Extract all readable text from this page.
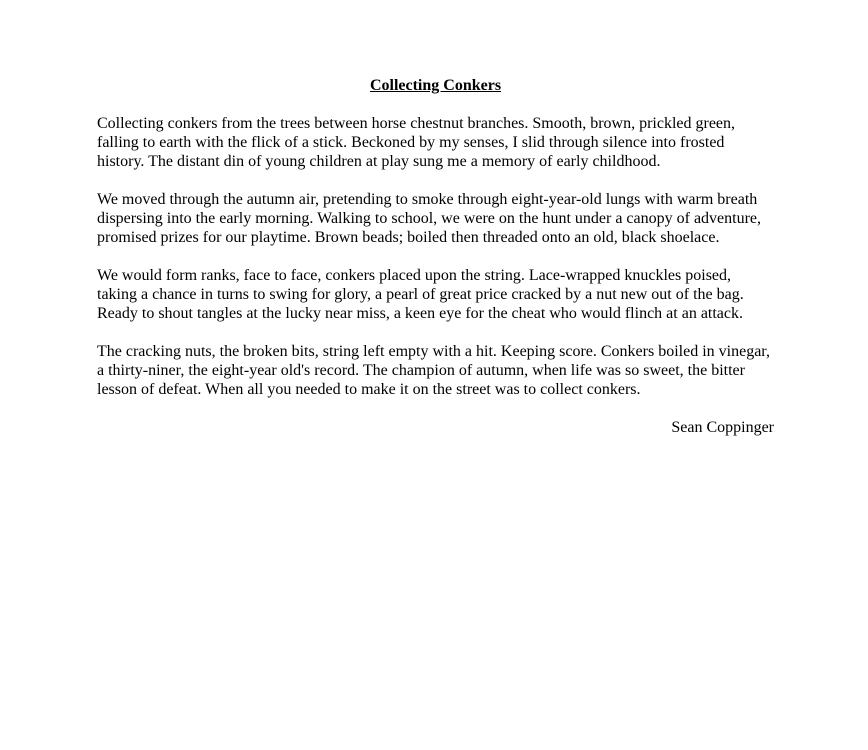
Collecting Conkers

Collecting conkers from the trees between horse chestnut branches. Smooth, brown, prickled green, falling to earth with the flick of a stick. Beckoned by my senses, I slid through silence into frosted history. The distant din of young children at play sung me a memory of early childhood.

We moved through the autumn air, pretending to smoke through eight-year-old lungs with warm breath dispersing into the early morning. Walking to school, we were on the hunt under a canopy of adventure, promised prizes for our playtime. Brown beads; boiled then threaded onto an old, black shoelace.

We would form ranks, face to face, conkers placed upon the string. Lace-wrapped knuckles poised, taking a chance in turns to swing for glory, a pearl of great price cracked by a nut new out of the bag. Ready to shout tangles at the lucky near miss, a keen eye for the cheat who would flinch at an attack.

The cracking nuts, the broken bits, string left empty with a hit. Keeping score. Conkers boiled in vinegar, a thirty-niner, the eight-year old's record. The champion of autumn, when life was so sweet, the bitter lesson of defeat. When all you needed to make it on the street was to collect conkers.

Sean Coppinger
